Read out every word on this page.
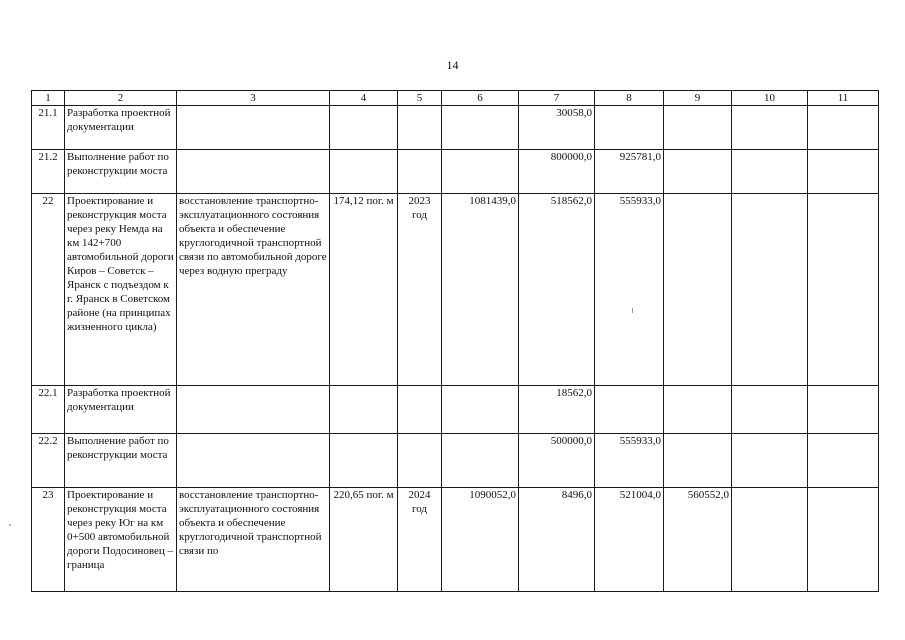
14
1	2	3	4	5	6	7	8	9	10	11
21.1	Разработка проектной документации					30058,0				
21.2	Выполнение работ по реконструкции моста					800000,0	925781,0			
22	Проектирование и реконструкция моста через реку Немда на км 142+700 автомобильной дороги Киров – Советск – Яранск с подъездом к г. Яранск в Советском районе (на принципах жизненного цикла)	восстановление транспортно-эксплуатационного состояния объекта и обеспечение круглогодичной транспортной связи по автомобильной дороге через водную преграду	174,12 пог. м	2023 год	1081439,0	518562,0	555933,0			
22.1	Разработка проектной документации					18562,0				
22.2	Выполнение работ по реконструкции моста					500000,0	555933,0			
23	Проектирование и реконструкция моста через реку Юг на км 0+500 автомобильной дороги Подосиновец – граница	восстановление транспортно-эксплуатационного состояния объекта и обеспечение круглогодичной транспортной связи по	220,65 пог. м	2024 год	1090052,0	8496,0	521004,0	560552,0		
